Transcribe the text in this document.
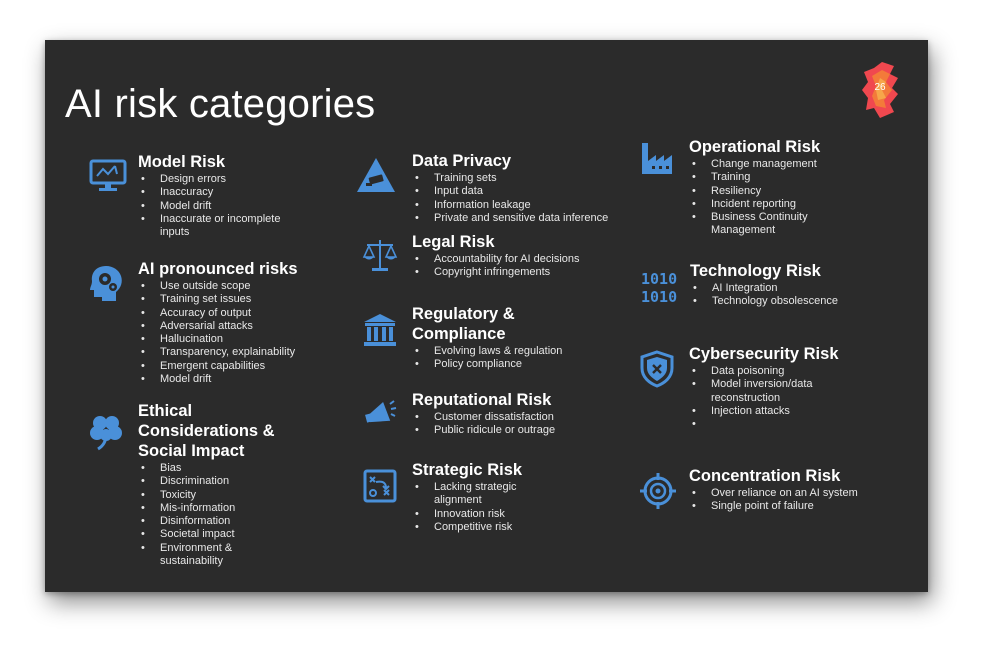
AI risk categories	26
Model Risk
• Design errors
• Inaccuracy
• Model drift
• Inaccurate or incomplete inputs
AI pronounced risks
• Use outside scope
• Training set issues
• Accuracy of output
• Adversarial attacks
• Hallucination
• Transparency, explainability
• Emergent capabilities
• Model drift
Ethical Considerations & Social Impact
• Bias
• Discrimination
• Toxicity
• Mis-information
• Disinformation
• Societal impact
• Environment & sustainability
Data Privacy
• Training sets
• Input data
• Information leakage
• Private and sensitive data inference
Legal Risk
• Accountability for AI decisions
• Copyright infringements
Regulatory & Compliance
• Evolving laws & regulation
• Policy compliance
Reputational Risk
• Customer dissatisfaction
• Public ridicule or outrage
Strategic Risk
• Lacking strategic alignment
• Innovation risk
• Competitive risk
Operational Risk
• Change management
• Training
• Resiliency
• Incident reporting
• Business Continuity Management
1010
1010
Technology Risk
• AI Integration
• Technology obsolescence
Cybersecurity Risk
• Data poisoning
• Model inversion/data reconstruction
• Injection attacks
•
Concentration Risk
• Over reliance on an AI system
• Single point of failure
